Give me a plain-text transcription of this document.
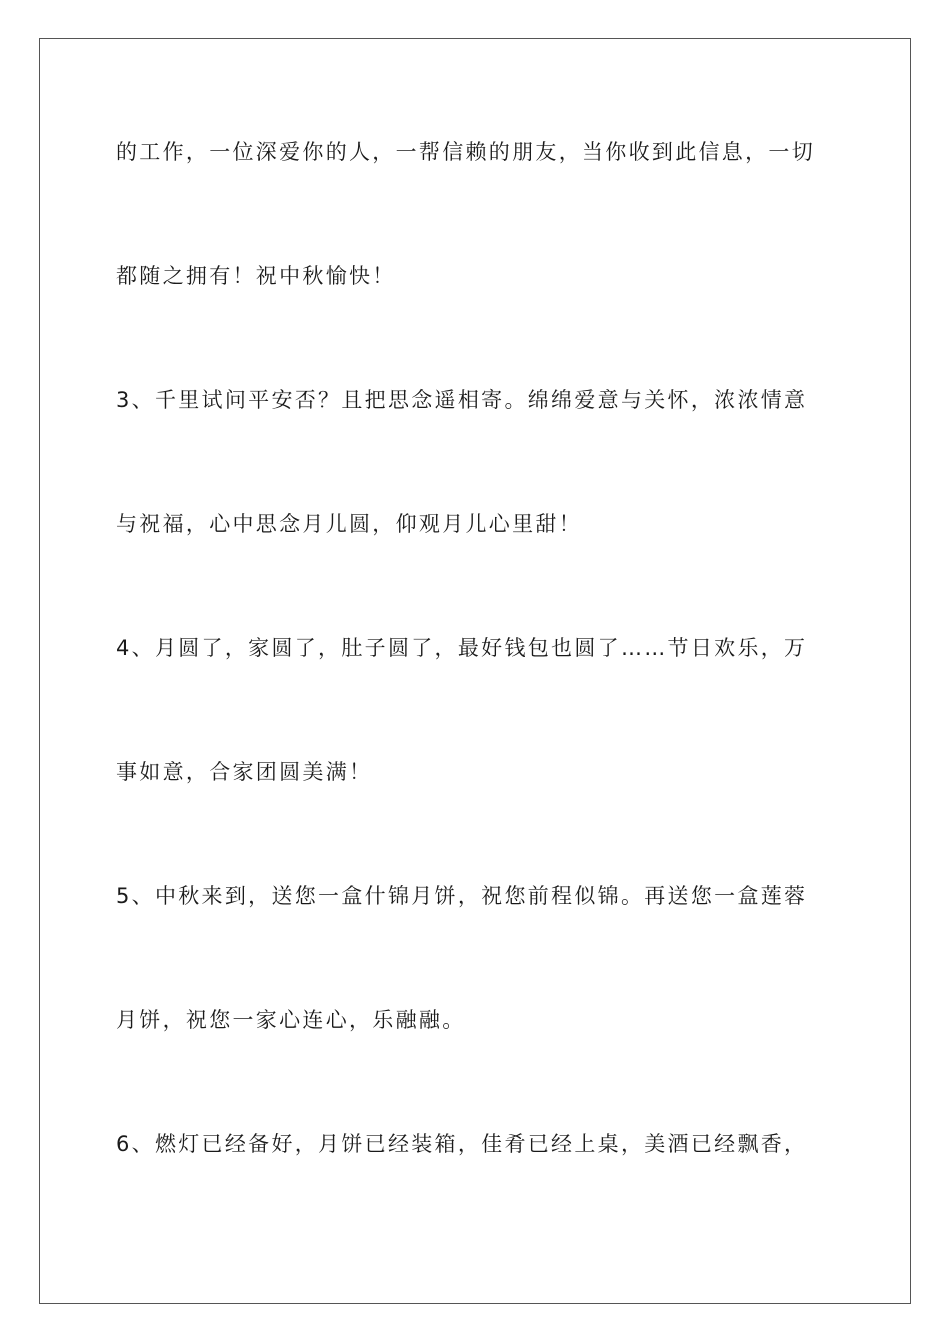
的工作，一位深爱你的人，一帮信赖的朋友，当你收到此信息，一切
都随之拥有！祝中秋愉快！
3、千里试问平安否？且把思念遥相寄。绵绵爱意与关怀，浓浓情意
与祝福，心中思念月儿圆，仰观月儿心里甜！
4、月圆了，家圆了，肚子圆了，最好钱包也圆了……节日欢乐，万
事如意，合家团圆美满！
5、中秋来到，送您一盒什锦月饼，祝您前程似锦。再送您一盒莲蓉
月饼，祝您一家心连心，乐融融。
6、燃灯已经备好，月饼已经装箱，佳肴已经上桌，美酒已经飘香，
